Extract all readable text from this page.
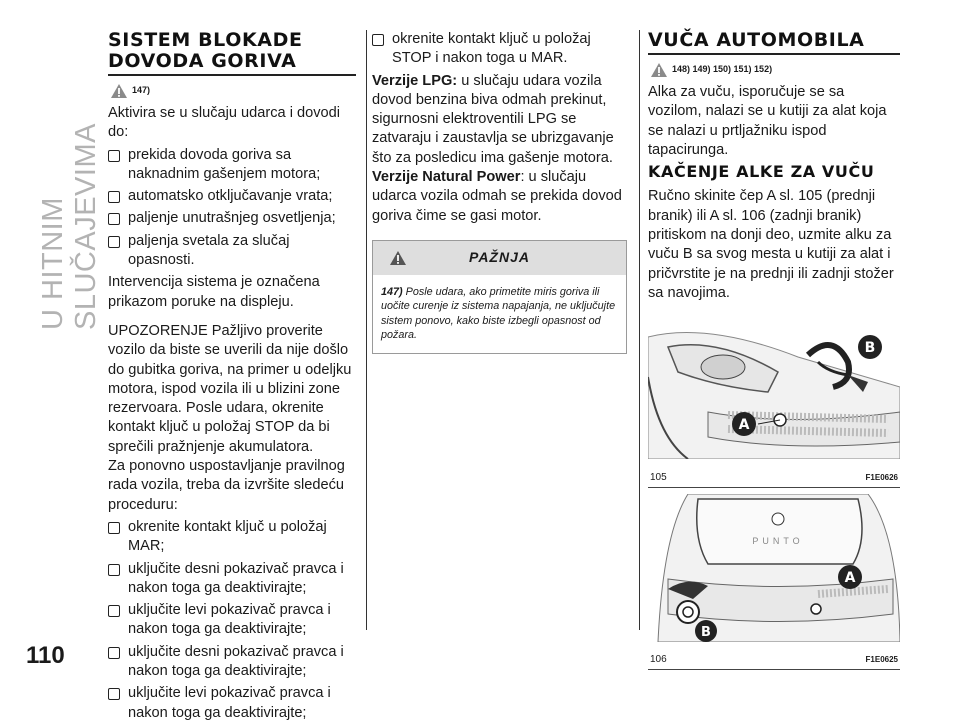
U HITNIM SLUČAJEVIMA
110
SISTEM BLOKADE
DOVODA GORIVA
147)

Aktivira se u slučaju udarca i dovodi do:

prekida dovoda goriva sa naknadnim gašenjem motora;
automatsko otključavanje vrata;
paljenje unutrašnjeg osvetljenja;
paljenja svetala za slučaj opasnosti.

Intervencija sistema je označena prikazom poruke na displeju.

UPOZORENJE Pažljivo proverite vozilo da biste se uverili da nije došlo do gubitka goriva, na primer u odeljku motora, ispod vozila ili u blizini zone rezervoara. Posle udara, okrenite kontakt ključ u položaj STOP da bi sprečili pražnjenje akumulatora.

Za ponovno uspostavljanje pravilnog rada vozila, treba da izvršite sledeću proceduru:

okrenite kontakt ključ u položaj MAR;
uključite desni pokazivač pravca i nakon toga ga deaktivirajte;
uključite levi pokazivač pravca i nakon toga ga deaktivirajte;
uključite desni pokazivač pravca i nakon toga ga deaktivirajte;
uključite levi pokazivač pravca i nakon toga ga deaktivirajte;
okrenite kontakt ključ u položaj STOP i nakon toga u MAR.

Verzije LPG: u slučaju udara vozila dovod benzina biva odmah prekinut, sigurnosni elektroventili LPG se zatvaraju i zaustavlja se ubrizgavanje što za posledicu ima gašenje motora.

Verzije Natural Power: u slučaju udarca vozila odmah se prekida dovod goriva čime se gasi motor.

PAŽNJA
147) Posle udara, ako primetite miris goriva ili uočite curenje iz sistema napajanja, ne uključujte sistem ponovo, kako biste izbegli opasnost od požara.
VUČA AUTOMOBILA
148) 149) 150) 151) 152)

Alka za vuču, isporučuje se sa vozilom, nalazi se u kutiji za alat koja se nalazi u prtljažniku ispod tapacirunga.

KAČENJE ALKE ZA VUČU

Ručno skinite čep A sl. 105 (prednji branik) ili A sl. 106 (zadnji branik) pritiskom na donji deo, uzmite alku za vuču B sa svog mesta u kutiji za alat i pričvrstite je na prednji ili zadnji stožer sa navojima.

B
A
105	F1E0626
PUNTO
A
B
106	F1E0625
